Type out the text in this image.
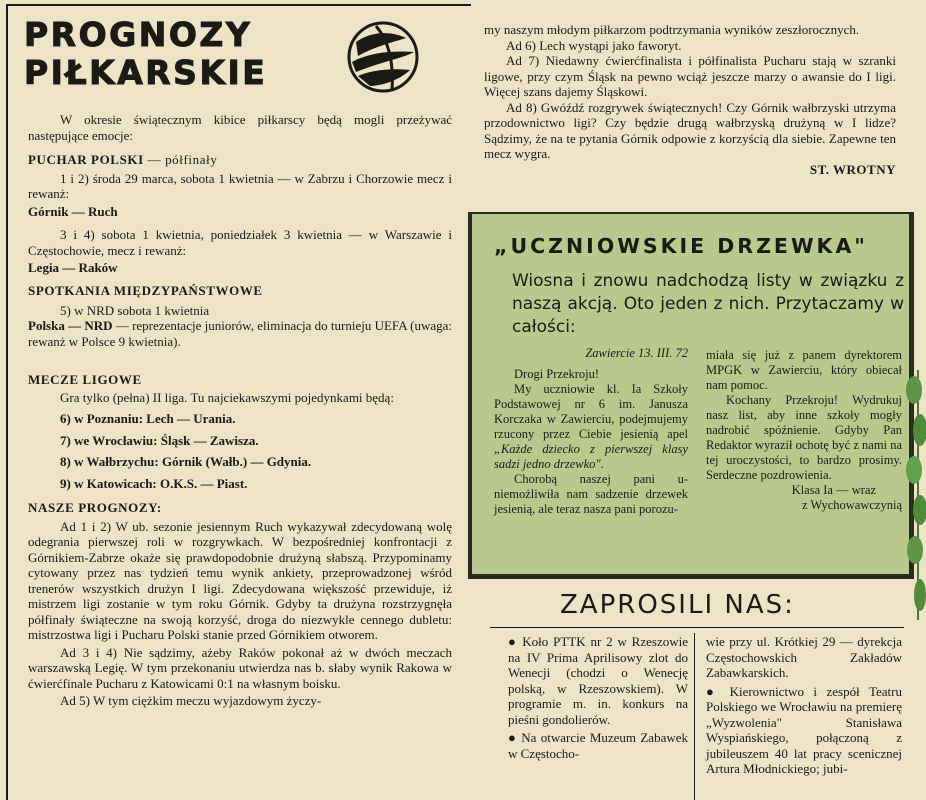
PROGNOZY
PIŁKARSKIE

W okresie świątecznym kibice piłkarscy będą mogli przeżywać następujące emocje:

PUCHAR POLSKI — półfinały

1 i 2) środa 29 marca, sobota 1 kwietnia — w Zabrzu i Chorzowie mecz i rewanż:

Górnik — Ruch

3 i 4) sobota 1 kwietnia, poniedziałek 3 kwietnia — w Warszawie i Częstochowie, mecz i rewanż:

Legia — Raków

SPOTKANIA MIĘDZYPAŃSTWOWE

5) w NRD sobota 1 kwietnia

Polska — NRD — reprezentacje juniorów, eliminacja do turnieju UEFA (uwaga: rewanż w Polsce 9 kwietnia).

MECZE LIGOWE

Gra tylko (pełna) II liga. Tu najciekawszymi pojedynkami będą:

6) w Poznaniu: Lech — Urania.

7) we Wrocławiu: Śląsk — Zawisza.

8) w Wałbrzychu: Górnik (Wałb.) — Gdynia.

9) w Katowicach: O.K.S. — Piast.

NASZE PROGNOZY:

Ad 1 i 2) W ub. sezonie jesiennym Ruch wykazywał zdecydowaną wolę odegrania pierwszej roli w rozgrywkach. W bezpośredniej konfrontacji z Górnikiem-Zabrze okaże się prawdopodobnie drużyną słabszą. Przypominamy cytowany przez nas tydzień temu wynik ankiety, przeprowadzonej wśród trenerów wszystkich drużyn I ligi. Zdecydowana większość przewiduje, iż mistrzem ligi zostanie w tym roku Górnik. Gdyby ta drużyna rozstrzygnęła półfinały świąteczne na swoją korzyść, droga do niezwykle cennego dubletu: mistrzostwa ligi i Pucharu Polski stanie przed Górnikiem otworem.

Ad 3 i 4) Nie sądzimy, ażeby Raków pokonał aż w dwóch meczach warszawską Legię. W tym przekonaniu utwierdza nas b. słaby wynik Rakowa w ćwierćfinale Pucharu z Katowicami 0:1 na własnym boisku.

Ad 5) W tym ciężkim meczu wyjazdowym życzy-

my naszym młodym piłkarzom podtrzymania wyników zeszłorocznych.

Ad 6) Lech wystąpi jako faworyt.

Ad 7) Niedawny ćwierćfinalista i półfinalista Pucharu stają w szranki ligowe, przy czym Śląsk na pewno wciąż jeszcze marzy o awansie do I ligi. Więcej szans dajemy Śląskowi.

Ad 8) Gwóźdź rozgrywek świątecznych! Czy Górnik wałbrzyski utrzyma przodownictwo ligi? Czy będzie drugą wałbrzyską drużyną w I lidze? Sądzimy, że na te pytania Górnik odpowie z korzyścią dla siebie. Zapewne ten mecz wygra.

ST. WROTNY

„UCZNIOWSKIE DRZEWKA"

Wiosna i znowu nadchodzą listy w związku z naszą akcją. Oto jeden z nich. Przytaczamy w całości:

Zawiercie 13. III. 72

Drogi Przekroju!

My uczniowie kl. Ia Szkoły Podstawowej nr 6 im. Janusza Korczaka w Zawierciu, podejmujemy rzucony przez Ciebie jesienią apel „Każde dziecko z pierwszej klasy sadzi jedno drzewko".

Chorobą naszej pani u-niemożliwiła nam sadzenie drzewek jesienią, ale teraz nasza pani porozu-

miała się już z panem dyrektorem MPGK w Zawierciu, który obiecał nam pomoc.

Kochany Przekroju! Wydrukuj nasz list, aby inne szkoły mogły nadrobić spóźnienie. Gdyby Pan Redaktor wyraził ochotę być z nami na tej uroczystości, to bardzo prosimy. Serdeczne pozdrowienia.

Klasa Ia — wraz

z Wychowawczynią

ZAPROSILI NAS:

● Koło PTTK nr 2 w Rzeszowie na IV Prima Aprilisowy zlot do Wenecji (chodzi o Wenecję polską, w Rzeszowskiem). W programie m. in. konkurs na pieśni gondolierów.

● Na otwarcie Muzeum Zabawek w Częstocho-

wie przy ul. Krótkiej 29 — dyrekcja Częstochowskich Zakładów Zabawkarskich.

● Kierownictwo i zespół Teatru Polskiego we Wrocławiu na premierę „Wyzwolenia" Stanisława Wyspiańskiego, połączoną z jubileuszem 40 lat pracy scenicznej Artura Młodnickiego; jubi-
